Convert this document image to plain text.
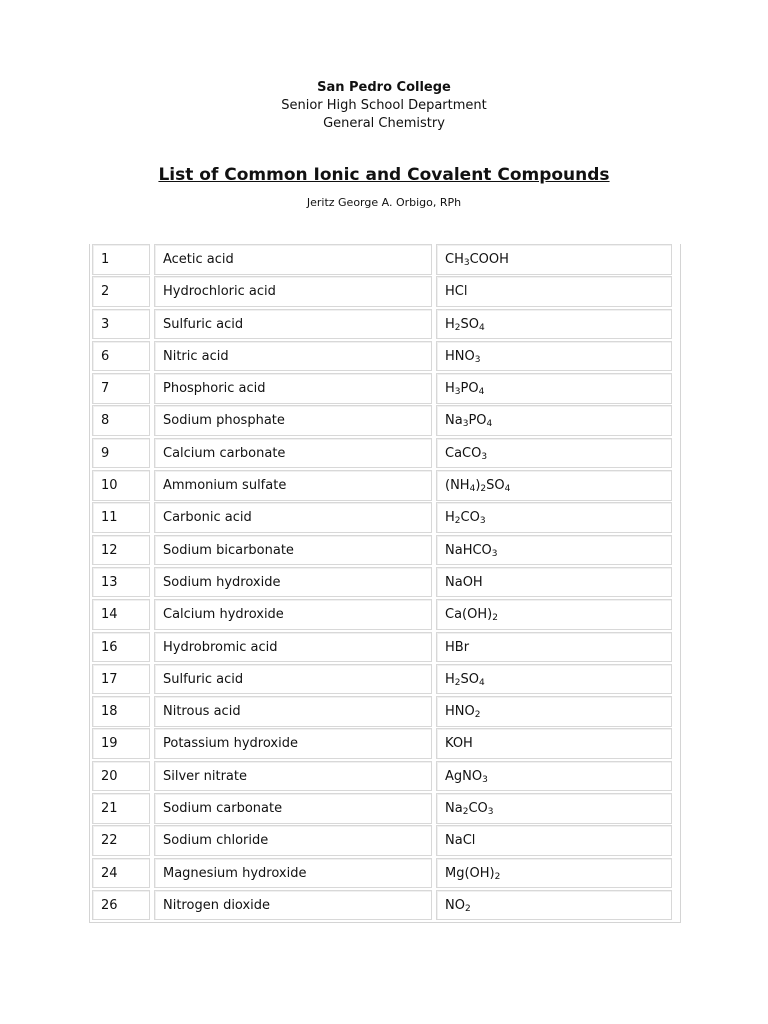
San Pedro College
Senior High School Department
General Chemistry
List of Common Ionic and Covalent Compounds
Jeritz George A. Orbigo, RPh
1	Acetic acid	$CH_3COOH$
2	Hydrochloric acid	HCl
3	Sulfuric acid	$H_2SO_4$
6	Nitric acid	$HNO_3$
7	Phosphoric acid	$H_3PO_4$
8	Sodium phosphate	$Na_3PO_4$
9	Calcium carbonate	CaCO$_3$
10	Ammonium sulfate	$(NH_4)_2SO_4$
11	Carbonic acid	$H_2CO_3$
12	Sodium bicarbonate	NaHCO$_3$
13	Sodium hydroxide	NaOH
14	Calcium hydroxide	$Ca(OH)_2$
16	Hydrobromic acid	HBr
17	Sulfuric acid	$H_2SO_4$
18	Nitrous acid	$HNO_2$
19	Potassium hydroxide	KOH
20	Silver nitrate	AgNO$_3$
21	Sodium carbonate	$Na_2CO_3$
22	Sodium chloride	NaCl
24	Magnesium hydroxide	$Mg(OH)_2$
26	Nitrogen dioxide	$NO_2$
